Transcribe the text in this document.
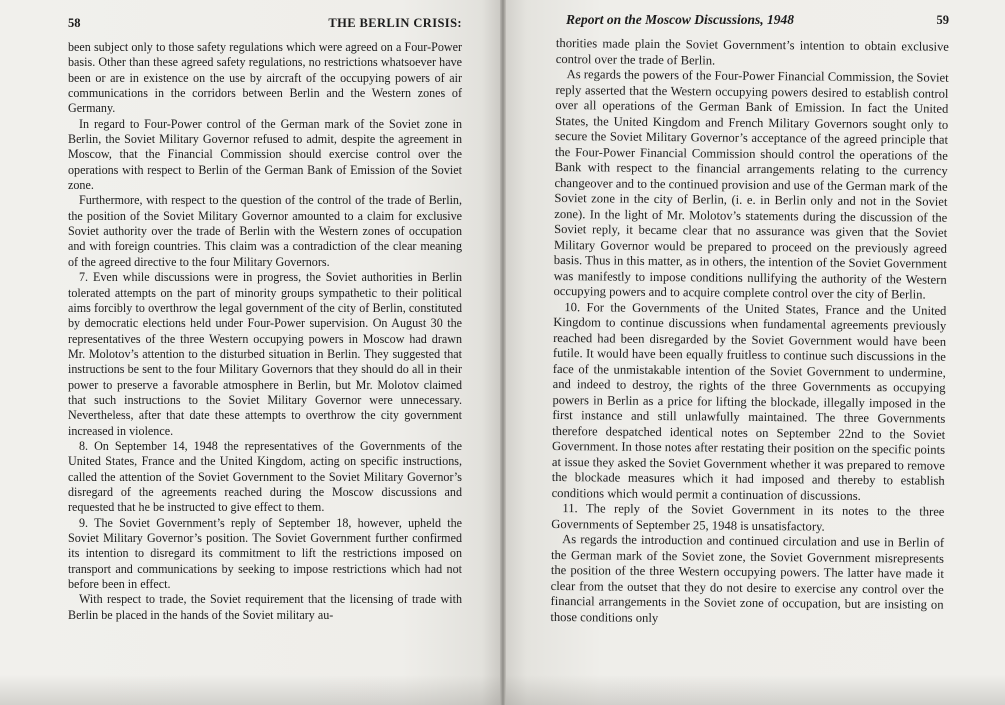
58	THE BERLIN CRISIS:

been subject only to those safety regulations which were agreed on a Four-Power basis. Other than these agreed safety regulations, no restrictions whatsoever have been or are in existence on the use by aircraft of the occupying powers of air communications in the corridors between Berlin and the Western zones of Germany.

In regard to Four-Power control of the German mark of the Soviet zone in Berlin, the Soviet Military Governor refused to admit, despite the agreement in Moscow, that the Financial Commission should exercise control over the operations with respect to Berlin of the German Bank of Emission of the Soviet zone.

Furthermore, with respect to the question of the control of the trade of Berlin, the position of the Soviet Military Governor amounted to a claim for exclusive Soviet authority over the trade of Berlin with the Western zones of occupation and with foreign countries. This claim was a contradiction of the clear meaning of the agreed directive to the four Military Governors.

7. Even while discussions were in progress, the Soviet authorities in Berlin tolerated attempts on the part of minority groups sympathetic to their political aims forcibly to overthrow the legal government of the city of Berlin, constituted by democratic elections held under Four-Power supervision. On August 30 the representatives of the three Western occupying powers in Moscow had drawn Mr. Molotov’s attention to the disturbed situation in Berlin. They suggested that instructions be sent to the four Military Governors that they should do all in their power to preserve a favorable atmosphere in Berlin, but Mr. Molotov claimed that such instructions to the Soviet Military Governor were unnecessary. Nevertheless, after that date these attempts to overthrow the city government increased in violence.

8. On September 14, 1948 the representatives of the Governments of the United States, France and the United Kingdom, acting on specific instructions, called the attention of the Soviet Government to the Soviet Military Governor’s disregard of the agreements reached during the Moscow discussions and requested that he be instructed to give effect to them.

9. The Soviet Government’s reply of September 18, however, upheld the Soviet Military Governor’s position. The Soviet Government further confirmed its intention to disregard its commitment to lift the restrictions imposed on transport and communications by seeking to impose restrictions which had not before been in effect.

With respect to trade, the Soviet requirement that the licensing of trade with Berlin be placed in the hands of the Soviet military au-

Report on the Moscow Discussions, 1948	59

thorities made plain the Soviet Government’s intention to obtain exclusive control over the trade of Berlin.

As regards the powers of the Four-Power Financial Commission, the Soviet reply asserted that the Western occupying powers desired to establish control over all operations of the German Bank of Emission. In fact the United States, the United Kingdom and French Military Governors sought only to secure the Soviet Military Governor’s acceptance of the agreed principle that the Four-Power Financial Commission should control the operations of the Bank with respect to the financial arrangements relating to the currency changeover and to the continued provision and use of the German mark of the Soviet zone in the city of Berlin, (i. e. in Berlin only and not in the Soviet zone). In the light of Mr. Molotov’s statements during the discussion of the Soviet reply, it became clear that no assurance was given that the Soviet Military Governor would be prepared to proceed on the previously agreed basis. Thus in this matter, as in others, the intention of the Soviet Government was manifestly to impose conditions nullifying the authority of the Western occupying powers and to acquire complete control over the city of Berlin.

10. For the Governments of the United States, France and the United Kingdom to continue discussions when fundamental agreements previously reached had been disregarded by the Soviet Government would have been futile. It would have been equally fruitless to continue such discussions in the face of the unmistakable intention of the Soviet Government to undermine, and indeed to destroy, the rights of the three Governments as occupying powers in Berlin as a price for lifting the blockade, illegally imposed in the first instance and still unlawfully maintained. The three Governments therefore despatched identical notes on September 22nd to the Soviet Government. In those notes after restating their position on the specific points at issue they asked the Soviet Government whether it was prepared to remove the blockade measures which it had imposed and thereby to establish conditions which would permit a continuation of discussions.

11. The reply of the Soviet Government in its notes to the three Governments of September 25, 1948 is unsatisfactory.

As regards the introduction and continued circulation and use in Berlin of the German mark of the Soviet zone, the Soviet Government misrepresents the position of the three Western occupying powers. The latter have made it clear from the outset that they do not desire to exercise any control over the financial arrangements in the Soviet zone of occupation, but are insisting on those conditions only
